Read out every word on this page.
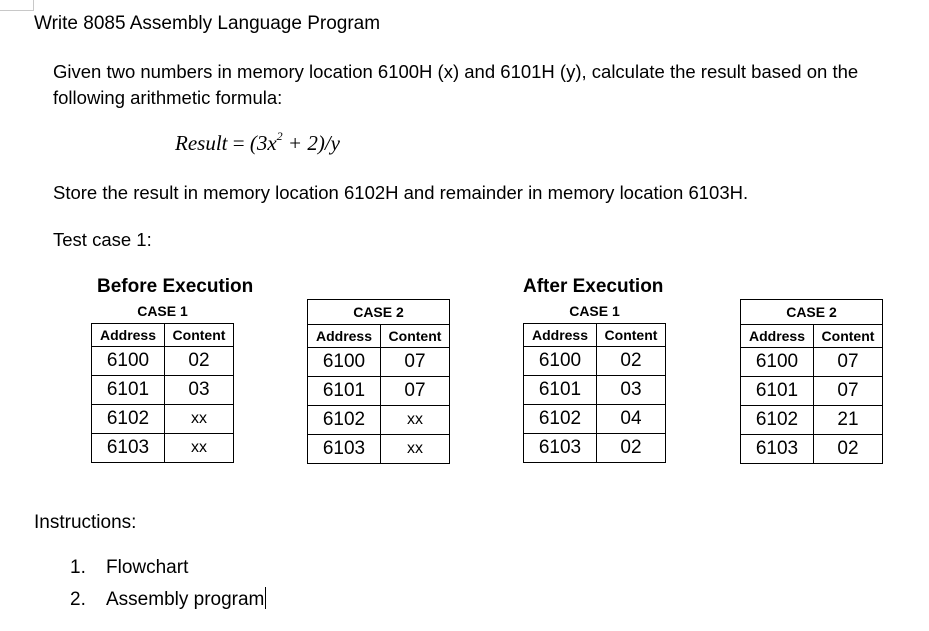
Write 8085 Assembly Language Program
Given two numbers in memory location 6100H (x) and 6101H (y), calculate the result based on the following arithmetic formula:
Result = $(3x^2 + 2)/y$
Store the result in memory location 6102H and remainder in memory location 6103H.
Test case 1:
Before Execution	After Execution
CASE 1	
Address	Content
6100	02
6101	03
6102	xx
6103	xx
CASE 2	
Address	Content
6100	07
6101	07
6102	xx
6103	xx
CASE 1	
Address	Content
6100	02
6101	03
6102	04
6103	02
CASE 2	
Address	Content
6100	07
6101	07
6102	21
6103	02
Instructions:
1. Flowchart
2. Assembly program
